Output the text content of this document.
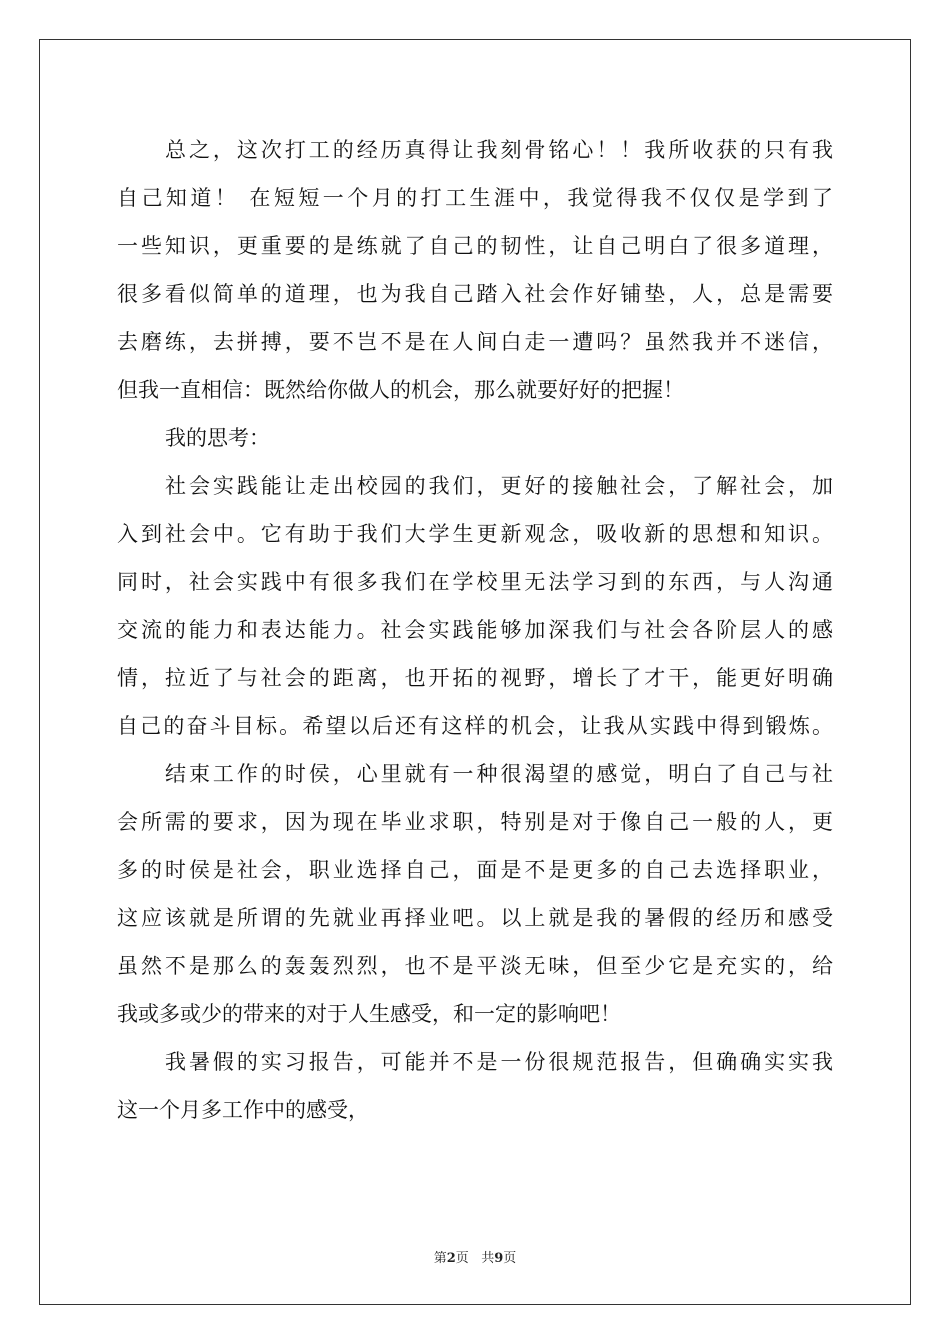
总之，这次打工的经历真得让我刻骨铭心！！我所收获的只有我
自己知道！ 在短短一个月的打工生涯中，我觉得我不仅仅是学到了
一些知识，更重要的是练就了自己的韧性，让自己明白了很多道理，
很多看似简单的道理，也为我自己踏入社会作好铺垫，人，总是需要
去磨练，去拼搏，要不岂不是在人间白走一遭吗？虽然我并不迷信，
但我一直相信：既然给你做人的机会，那么就要好好的把握！
我的思考：
社会实践能让走出校园的我们，更好的接触社会，了解社会，加
入到社会中。它有助于我们大学生更新观念，吸收新的思想和知识。
同时，社会实践中有很多我们在学校里无法学习到的东西，与人沟通
交流的能力和表达能力。社会实践能够加深我们与社会各阶层人的感
情，拉近了与社会的距离，也开拓的视野，增长了才干，能更好明确
自己的奋斗目标。希望以后还有这样的机会，让我从实践中得到锻炼。
结束工作的时侯，心里就有一种很渴望的感觉，明白了自己与社
会所需的要求，因为现在毕业求职，特别是对于像自己一般的人，更
多的时侯是社会，职业选择自己，面是不是更多的自己去选择职业，
这应该就是所谓的先就业再择业吧。以上就是我的暑假的经历和感受
虽然不是那么的轰轰烈烈，也不是平淡无味，但至少它是充实的，给
我或多或少的带来的对于人生感受，和一定的影响吧！
我暑假的实习报告，可能并不是一份很规范报告，但确确实实我
这一个月多工作中的感受，
第2页 共9页
